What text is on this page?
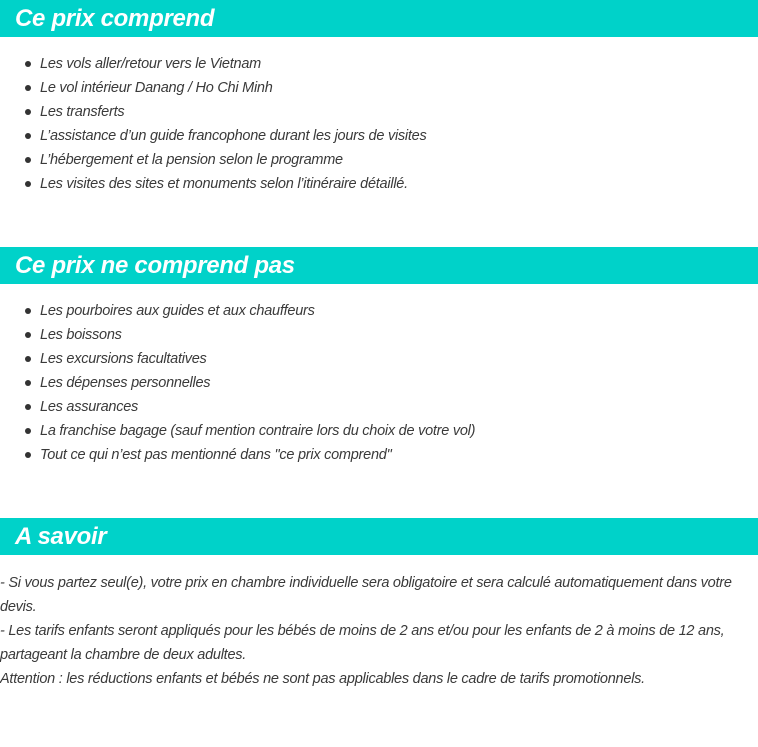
Ce prix comprend
Les vols aller/retour vers le Vietnam
Le vol intérieur Danang / Ho Chi Minh
Les transferts
L’assistance d’un guide francophone durant les jours de visites
L’hébergement et la pension selon le programme
Les visites des sites et monuments selon l’itinéraire détaillé.
Ce prix ne comprend pas
Les pourboires aux guides et aux chauffeurs
Les boissons
Les excursions facultatives
Les dépenses personnelles
Les assurances
La franchise bagage (sauf mention contraire lors du choix de votre vol)
Tout ce qui n’est pas mentionné dans "ce prix comprend"
A savoir

- Si vous partez seul(e), votre prix en chambre individuelle sera obligatoire et sera calculé automatiquement dans votre devis.

- Les tarifs enfants seront appliqués pour les bébés de moins de 2 ans et/ou pour les enfants de 2 à moins de 12 ans, partageant la chambre de deux adultes.

Attention : les réductions enfants et bébés ne sont pas applicables dans le cadre de tarifs promotionnels.
